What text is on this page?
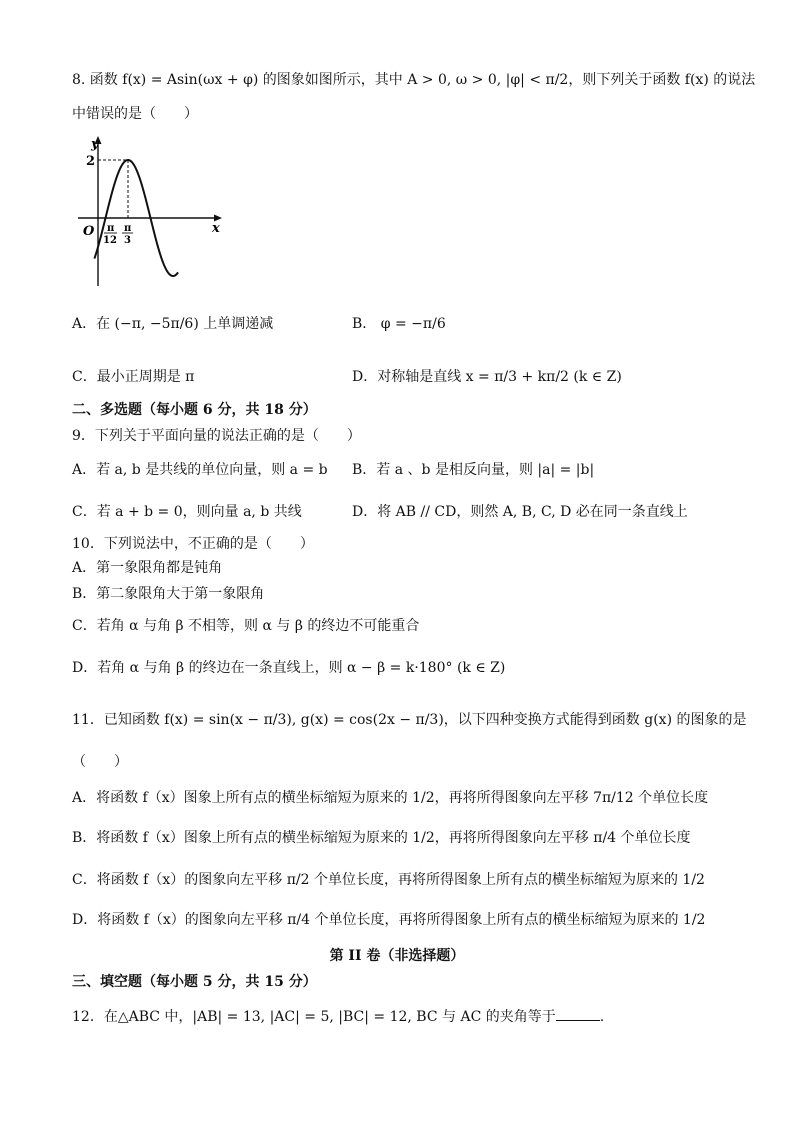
8. 函数 f(x) = Asin(ωx + φ) 的图象如图所示，其中 A > 0, ω > 0, |φ| < π/2，则下列关于函数 f(x) 的说法
中错误的是（　　）
y
x
O
2
π
12
π
3
A．在 (−π, −5π/6) 上单调递减	B． φ = −π/6
C．最小正周期是 π	D．对称轴是直线 x = π/3 + kπ/2 (k ∈ Z)
二、多选题（每小题 6 分，共 18 分）
9．下列关于平面向量的说法正确的是（　　）
A．若 a, b 是共线的单位向量，则 a = b B．若 a 、b 是相反向量，则 |a| = |b|
C．若 a + b = 0，则向量 a, b 共线	D．将 AB // CD，则然 A, B, C, D 必在同一条直线上
10．下列说法中，不正确的是（　　）
A．第一象限角都是钝角
B．第二象限角大于第一象限角
C．若角 α 与角 β 不相等，则 α 与 β 的终边不可能重合
D．若角 α 与角 β 的终边在一条直线上，则 α − β = k·180° (k ∈ Z)
11．已知函数 f(x) = sin(x − π/3), g(x) = cos(2x − π/3)，以下四种变换方式能得到函数 g(x) 的图象的是
（　　）
A．将函数 f（x）图象上所有点的横坐标缩短为原来的 1/2，再将所得图象向左平移 7π/12 个单位长度
B．将函数 f（x）图象上所有点的横坐标缩短为原来的 1/2，再将所得图象向左平移 π/4 个单位长度
C．将函数 f（x）的图象向左平移 π/2 个单位长度，再将所得图象上所有点的横坐标缩短为原来的 1/2
D．将函数 f（x）的图象向左平移 π/4 个单位长度，再将所得图象上所有点的横坐标缩短为原来的 1/2
第 II 卷（非选择题）
三、填空题（每小题 5 分，共 15 分）
12．在△ABC 中，|AB| = 13, |AC| = 5, |BC| = 12, BC 与 AC 的夹角等于	.
